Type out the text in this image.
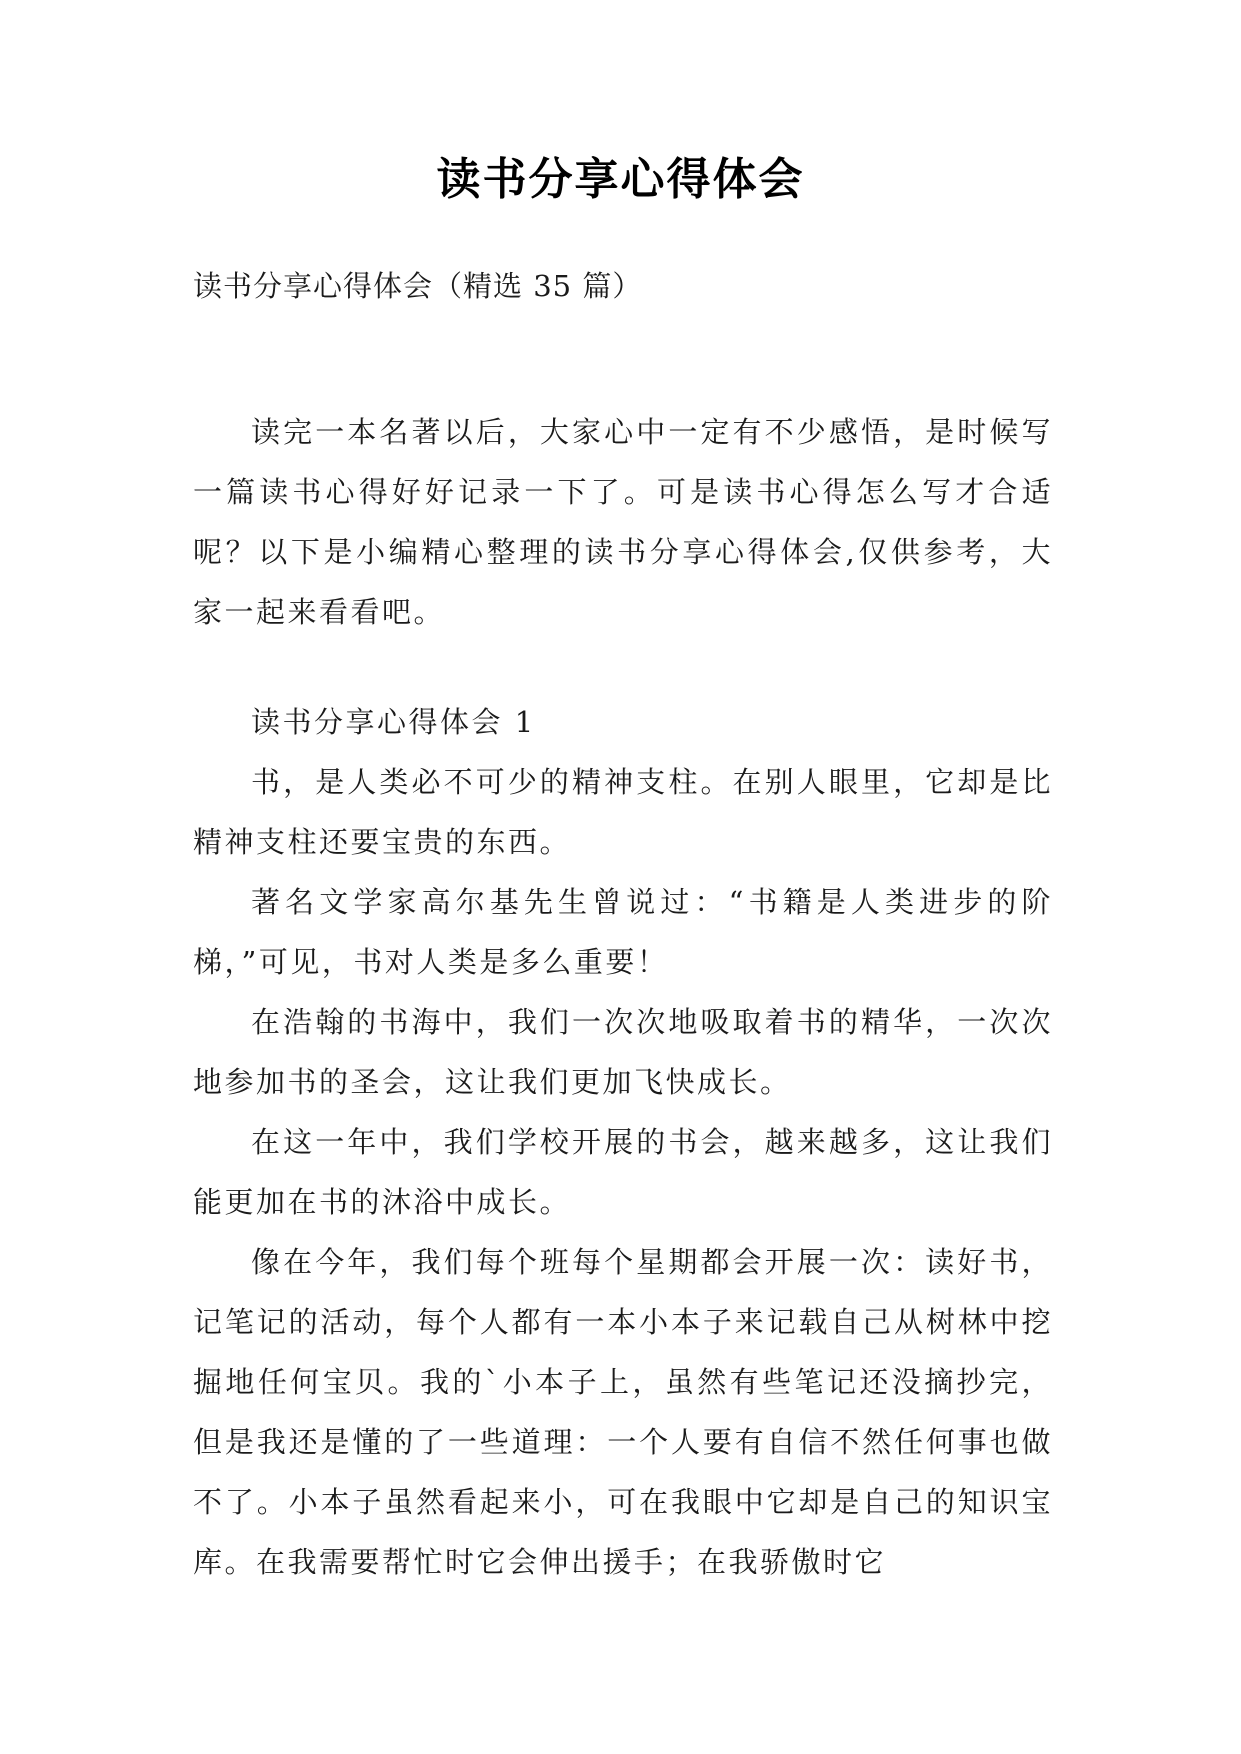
读书分享心得体会
读书分享心得体会（精选 35 篇）

读完一本名著以后，大家心中一定有不少感悟，是时候写一篇读书心得好好记录一下了。可是读书心得怎么写才合适呢？以下是小编精心整理的读书分享心得体会,仅供参考，大家一起来看看吧。

读书分享心得体会 1

书，是人类必不可少的精神支柱。在别人眼里，它却是比精神支柱还要宝贵的东西。

著名文学家高尔基先生曾说过：“书籍是人类进步的阶梯，”可见，书对人类是多么重要！

在浩翰的书海中，我们一次次地吸取着书的精华，一次次地参加书的圣会，这让我们更加飞快成长。

在这一年中，我们学校开展的书会，越来越多，这让我们能更加在书的沐浴中成长。

像在今年，我们每个班每个星期都会开展一次：读好书，记笔记的活动，每个人都有一本小本子来记载自己从树林中挖掘地任何宝贝。我的`小本子上，虽然有些笔记还没摘抄完，但是我还是懂的了一些道理：一个人要有自信不然任何事也做不了。小本子虽然看起来小，可在我眼中它却是自己的知识宝库。在我需要帮忙时它会伸出援手；在我骄傲时它
